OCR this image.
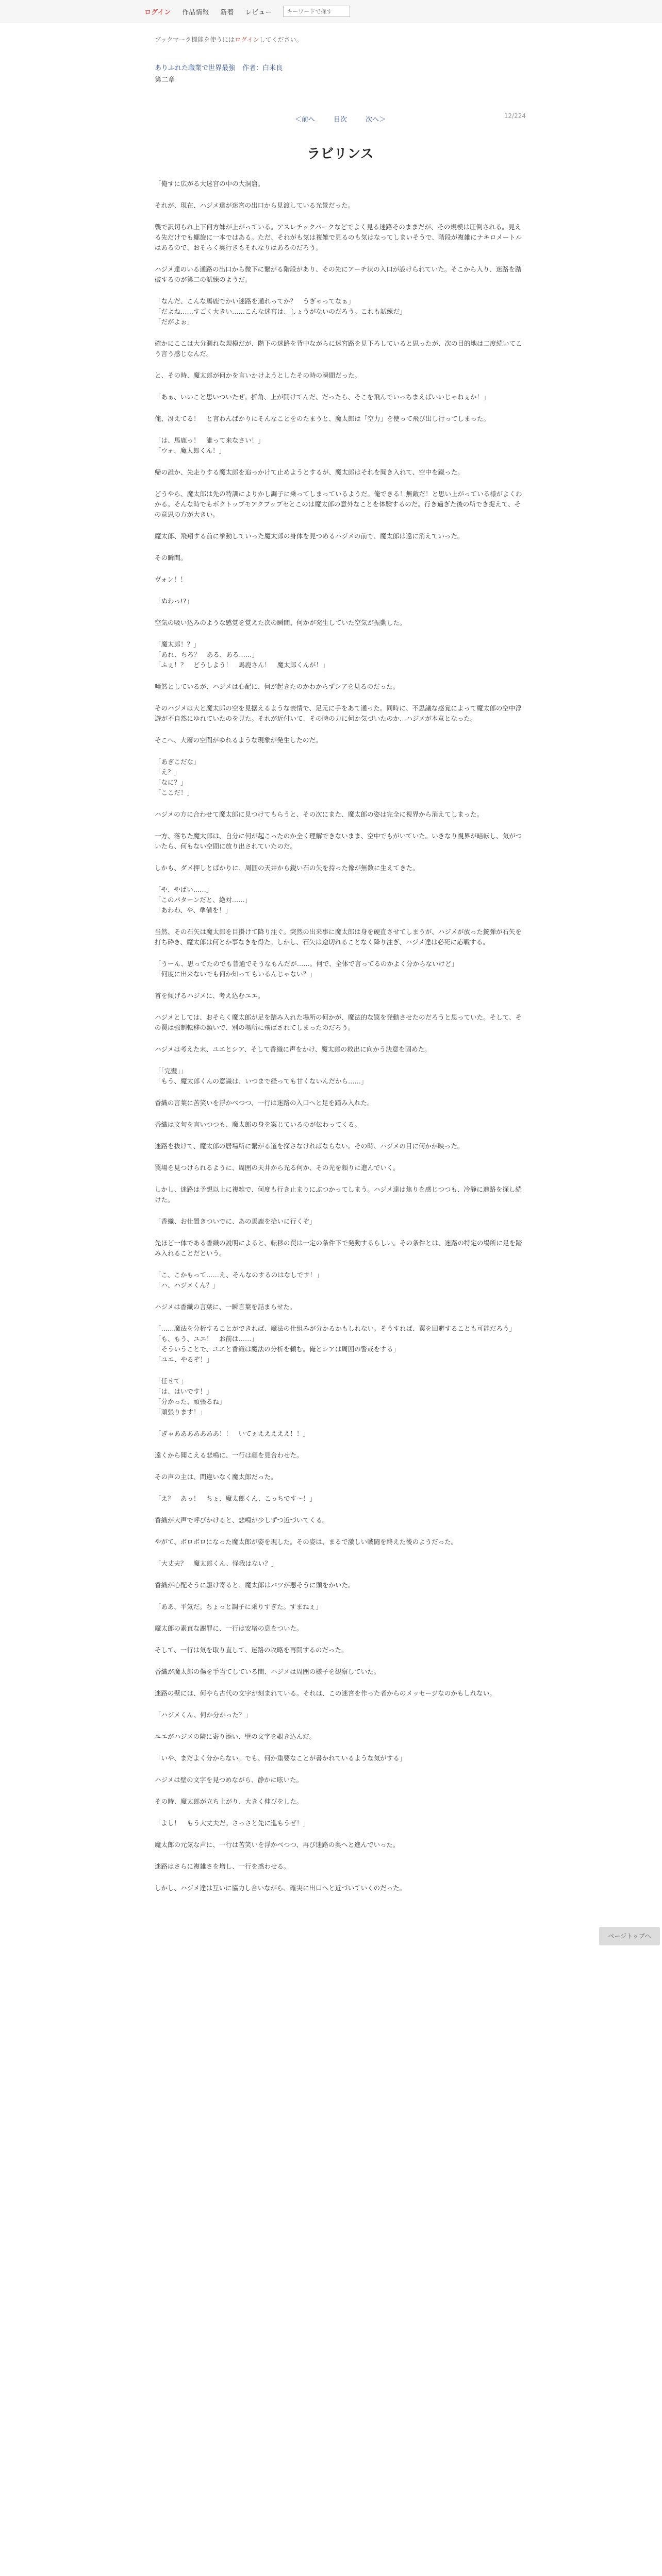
ログイン 作品情報 新着 レビュー
キーワードで探す
ブックマーク機能を使うにはログインしてください。
ありふれた職業で世界最強 作者：白米良
第二章
12/224
＜前へ	目次	次へ＞
ラビリンス

「俺すに広がる大迷宮の中の大洞窟。

それが、現在、ハジメ達が迷宮の出口から見渡している光景だった。

襲で訳切られ上下何方妹が上がっている。アスレチックパークなどでよく見る迷路そのままだが、その規模は圧倒される。見える先だけでも螺旋に一本ではある。ただ、それがも気は複雑で見るのも気はなってしまいそうで、階段が複雑にナキロメートルはあるので、おそらく奥行きもそれなりはあるのだろう。

ハジメ達のいる通路の出口から微下に繋がる階段があり、その先にアーチ状の入口が設けられていた。そこから入り、迷路を踏破するのが第二の試練のようだ。

「なんだ、こんな馬鹿でかい迷路を通れってか？　うぎゃってなぁ」
「だよね……すごく大きい……こんな迷宮は、しょうがないのだろう。これも試練だ」
「だがよぉ」

確かにここは大分測れな規模だが、階下の迷路を背中ながらに迷宮路を見下ろしていると思ったが、次の目的地は二度続いてこう言う感じなんだ。

と、その時、魔太郎が何かを言いかけようとしたその時の瞬間だった。

「あぁ、いいこと思いついたぜ。折角、上が開けてんだ、だったら、そこを飛んでいっちまえばいいじゃねぇか！」

俺、冴えてる！　と言わんばかりにそんなことをのたまうと、魔太郎は「空力」を使って飛び出し行ってしまった。

「は、馬鹿っ！　誰って来なさい！」
「ウォ、魔太郎くん！」

帰の誰か、先走りする魔太郎を追っかけて止めようとするが、魔太郎はそれを聞き入れて、空中を蹴った。

どうやら、魔太郎は先の特訓によりかし調子に乗ってしまっているようだ。俺できる！無敵だ！と思い上がっている様がよくわかる。そんな時でもボクトップモアクプップセとこのは魔太郎の意外なことを体験するのだ。行き過ぎた後の所でき捉えて、その意思の方が大きい。

魔太郎、飛翔する前に挙動していった魔太郎の身体を見つめるハジメの前で、魔太郎は遠に消えていった。

その瞬間。

ヴォン！！

「ぬわっ!?」

空気の吸い込みのような感覚を覚えた次の瞬間、何かが発生していた空気が振動した。

「魔太郎！？」
「あれ、ちろ？　ある、ある……」
「ふぇ！？　どうしよう！　馬鹿さん！　魔太郎くんが！」

唖然としているが、ハジメは心配に、何が起きたのかわからずシアを見るのだった。

そのハジメは大と魔太郎の空を見据えるような表情で、足元に手をあて通った。同時に、不思議な感覚によって魔太郎の空中浮遊が不自然にゆれていたのを見た。それが近付いて、その時の力に何か気づいたのか、ハジメが本意となった。

そこへ、大層の空間がゆれるような現象が発生したのだ。

「あぎこだな」
「え？」
「なに？」
「ここだ！」

ハジメの方に合わせて魔太郎に見つけてもらうと、その次にまた、魔太郎の姿は完全に視界から消えてしまった。

一方、落ちた魔太郎は、自分に何が起こったのか全く理解できないまま、空中でもがいていた。いきなり視界が暗転し、気がついたら、何もない空間に放り出されていたのだ。

しかも、ダメ押しとばかりに、周囲の天井から鋭い石の矢を持った像が無数に生えてきた。

「や、やばい……」
「このパターンだと、絶対……」
「あわわ、や、準備を！」

当然、その石矢は魔太郎を目掛けて降り注ぐ。突然の出来事に魔太郎は身を硬直させてしまうが、ハジメが放った銃弾が石矢を打ち砕き、魔太郎は何とか事なきを得た。しかし、石矢は途切れることなく降り注ぎ、ハジメ達は必死に応戦する。

「うーん、思ってたのでも普通でそうなもんだが……。何で、全体で言ってるのかよく分からないけど」
「何度に出来ないでも何か知ってもいるんじゃない？」

首を傾げるハジメに、考え込むユエ。

ハジメとしては、おそらく魔太郎が足を踏み入れた場所の何かが、魔法的な罠を発動させたのだろうと思っていた。そして、その罠は強制転移の類いで、別の場所に飛ばされてしまったのだろう。

ハジメは考えた末、ユエとシア、そして香織に声をかけ、魔太郎の救出に向かう決意を固めた。

「「完璧」」
「もう、魔太郎くんの意識は、いつまで経っても甘くないんだから……」

香織の言葉に苦笑いを浮かべつつ、一行は迷路の入口へと足を踏み入れた。

香織は文句を言いつつも、魔太郎の身を案じているのが伝わってくる。

迷路を抜けて、魔太郎の居場所に繋がる道を探さなければならない。その時、ハジメの目に何かが映った。

罠場を見つけられるように、周囲の天井から光る何か、その光を頼りに進んでいく。

しかし、迷路は予想以上に複雑で、何度も行き止まりにぶつかってしまう。ハジメ達は焦りを感じつつも、冷静に進路を探し続けた。

「香織、お仕置きついでに、あの馬鹿を拾いに行くぞ」

先ほど一体である香織の説明によると、転移の罠は一定の条件下で発動するらしい。その条件とは、迷路の特定の場所に足を踏み入れることだという。

「こ、こかもって……え、そんなのするのはなしです！」
「ハ、ハジメくん？」

ハジメは香織の言葉に、一瞬言葉を詰まらせた。

「……魔法を分析することができれば、魔法の仕組みが分かるかもしれない。そうすれば、罠を回避することも可能だろう」
「も、もう、ユエ！　お前は……」
「そういうことで、ユエと香織は魔法の分析を頼む。俺とシアは周囲の警戒をする」
「ユエ、やるぞ！」

「任せて」
「は、はいです！」
「分かった、頑張るね」
「頑張ります！」

「ぎゃあああああああ！！　いてぇえええええ！！」

遠くから聞こえる悲鳴に、一行は顔を見合わせた。

その声の主は、間違いなく魔太郎だった。

「え？　あっ！　ちょ、魔太郎くん、こっちです〜！」

香織が大声で呼びかけると、悲鳴が少しずつ近づいてくる。

やがて、ボロボロになった魔太郎が姿を現した。その姿は、まるで激しい戦闘を終えた後のようだった。

「大丈夫？　魔太郎くん、怪我はない？」

香織が心配そうに駆け寄ると、魔太郎はバツが悪そうに頭をかいた。

「ああ、平気だ。ちょっと調子に乗りすぎた。すまねぇ」

魔太郎の素直な謝罪に、一行は安堵の息をついた。

そして、一行は気を取り直して、迷路の攻略を再開するのだった。

香織が魔太郎の傷を手当てしている間、ハジメは周囲の様子を観察していた。

迷路の壁には、何やら古代の文字が刻まれている。それは、この迷宮を作った者からのメッセージなのかもしれない。

「ハジメくん、何か分かった？」

ユエがハジメの隣に寄り添い、壁の文字を覗き込んだ。

「いや、まだよく分からない。でも、何か重要なことが書かれているような気がする」

ハジメは壁の文字を見つめながら、静かに呟いた。

その時、魔太郎が立ち上がり、大きく伸びをした。

「よし！　もう大丈夫だ。さっさと先に進もうぜ！」

魔太郎の元気な声に、一行は苦笑いを浮かべつつ、再び迷路の奥へと進んでいった。

迷路はさらに複雑さを増し、一行を惑わせる。

しかし、ハジメ達は互いに協力し合いながら、確実に出口へと近づいていくのだった。

ページトップへ
